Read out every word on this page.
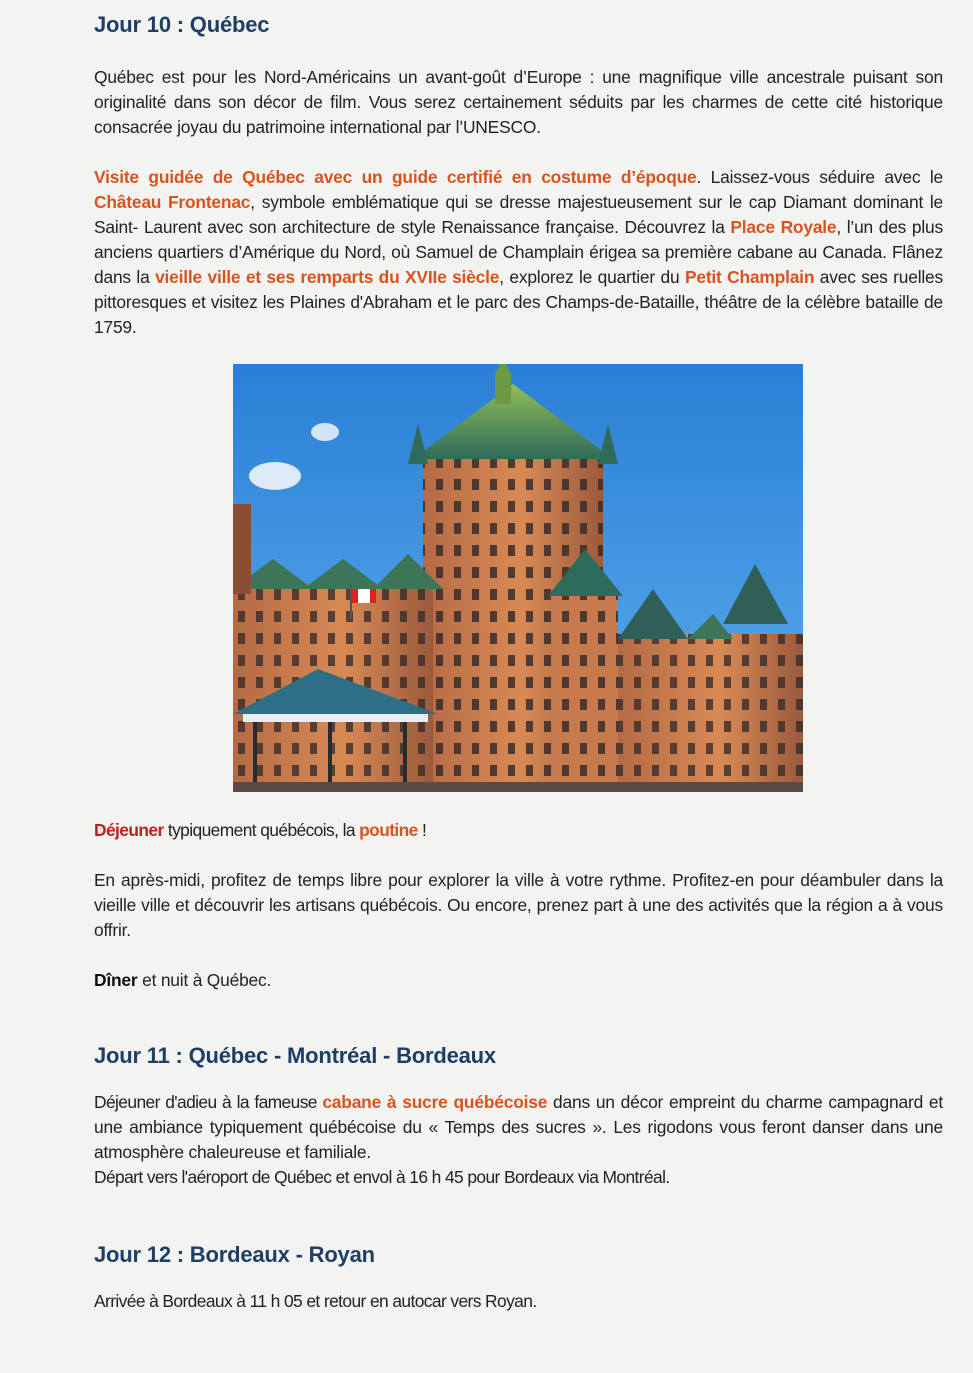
Jour 10 : Québec

Québec est pour les Nord-Américains un avant-goût d’Europe : une magnifique ville ancestrale puisant son originalité dans son décor de film. Vous serez certainement séduits par les charmes de cette cité historique consacrée joyau du patrimoine international par l’UNESCO.

Visite guidée de Québec avec un guide certifié en costume d’époque. Laissez-vous séduire avec le Château Frontenac, symbole emblématique qui se dresse majestueusement sur le cap Diamant dominant le Saint- Laurent avec son architecture de style Renaissance française. Découvrez la Place Royale, l’un des plus anciens quartiers d’Amérique du Nord, où Samuel de Champlain érigea sa première cabane au Canada. Flânez dans la vieille ville et ses remparts du XVIIe siècle, explorez le quartier du Petit Champlain avec ses ruelles pittoresques et visitez les Plaines d'Abraham et le parc des Champs-de-Bataille, théâtre de la célèbre bataille de 1759.

Déjeuner typiquement québécois, la poutine !

En après-midi, profitez de temps libre pour explorer la ville à votre rythme. Profitez-en pour déambuler dans la vieille ville et découvrir les artisans québécois. Ou encore, prenez part à une des activités que la région a à vous offrir.

Dîner et nuit à Québec.

Jour 11 : Québec - Montréal - Bordeaux

Déjeuner d'adieu à la fameuse cabane à sucre québécoise dans un décor empreint du charme campagnard et une ambiance typiquement québécoise du « Temps des sucres ». Les rigodons vous feront danser dans une atmosphère chaleureuse et familiale.
Départ vers l'aéroport de Québec et envol à 16 h 45 pour Bordeaux via Montréal.

Jour 12 : Bordeaux - Royan

Arrivée à Bordeaux à 11 h 05 et retour en autocar vers Royan.
